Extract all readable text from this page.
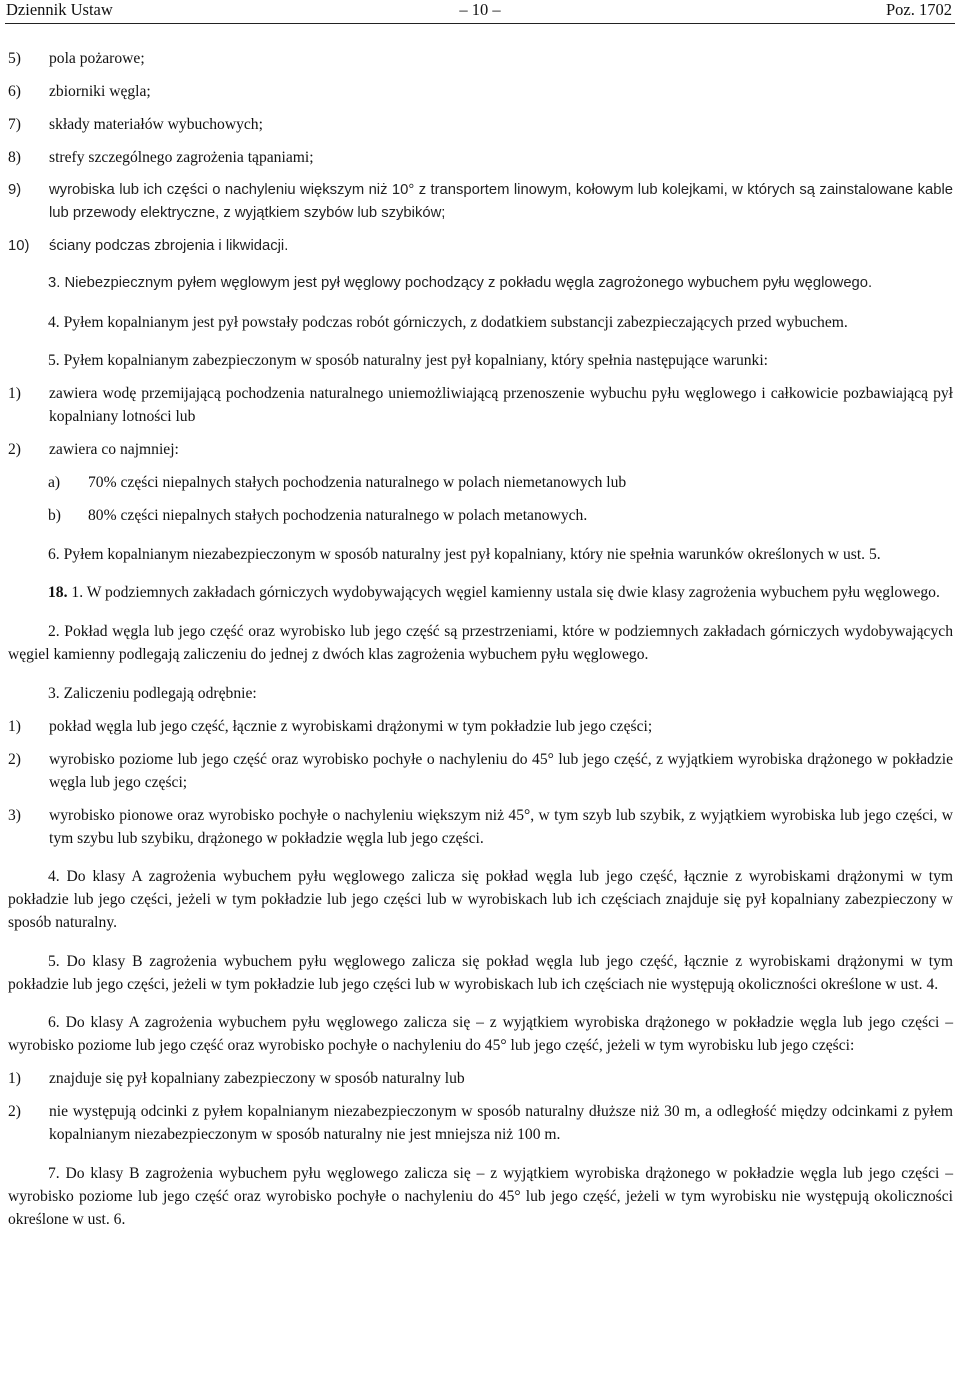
Dziennik Ustaw	– 10 –	Poz. 1702
5) pola pożarowe;
6) zbiorniki węgla;
7) składy materiałów wybuchowych;
8) strefy szczególnego zagrożenia tąpaniami;
9) wyrobiska lub ich części o nachyleniu większym niż 10° z transportem linowym, kołowym lub kolejkami, w których są zainstalowane kable lub przewody elektryczne, z wyjątkiem szybów lub szybików;
10) ściany podczas zbrojenia i likwidacji.

3. Niebezpiecznym pyłem węglowym jest pył węglowy pochodzący z pokładu węgla zagrożonego wybuchem pyłu węglowego.

4. Pyłem kopalnianym jest pył powstały podczas robót górniczych, z dodatkiem substancji zabezpieczających przed wybuchem.

5. Pyłem kopalnianym zabezpieczonym w sposób naturalny jest pył kopalniany, który spełnia następujące warunki:

1) zawiera wodę przemijającą pochodzenia naturalnego uniemożliwiającą przenoszenie wybuchu pyłu węglowego i całkowicie pozbawiającą pył kopalniany lotności lub
2) zawiera co najmniej:
a) 70% części niepalnych stałych pochodzenia naturalnego w polach niemetanowych lub
b) 80% części niepalnych stałych pochodzenia naturalnego w polach metanowych.

6. Pyłem kopalnianym niezabezpieczonym w sposób naturalny jest pył kopalniany, który nie spełnia warunków określonych w ust. 5.

18. 1. W podziemnych zakładach górniczych wydobywających węgiel kamienny ustala się dwie klasy zagrożenia wybuchem pyłu węglowego.

2. Pokład węgla lub jego część oraz wyrobisko lub jego część są przestrzeniami, które w podziemnych zakładach górniczych wydobywających węgiel kamienny podlegają zaliczeniu do jednej z dwóch klas zagrożenia wybuchem pyłu węglowego.

3. Zaliczeniu podlegają odrębnie:

1) pokład węgla lub jego część, łącznie z wyrobiskami drążonymi w tym pokładzie lub jego części;
2) wyrobisko poziome lub jego część oraz wyrobisko pochyłe o nachyleniu do 45° lub jego część, z wyjątkiem wyrobiska drążonego w pokładzie węgla lub jego części;
3) wyrobisko pionowe oraz wyrobisko pochyłe o nachyleniu większym niż 45°, w tym szyb lub szybik, z wyjątkiem wyrobiska lub jego części, w tym szybu lub szybiku, drążonego w pokładzie węgla lub jego części.

4. Do klasy A zagrożenia wybuchem pyłu węglowego zalicza się pokład węgla lub jego część, łącznie z wyrobiskami drążonymi w tym pokładzie lub jego części, jeżeli w tym pokładzie lub jego części lub w wyrobiskach lub ich częściach znajduje się pył kopalniany zabezpieczony w sposób naturalny.

5. Do klasy B zagrożenia wybuchem pyłu węglowego zalicza się pokład węgla lub jego część, łącznie z wyrobiskami drążonymi w tym pokładzie lub jego części, jeżeli w tym pokładzie lub jego części lub w wyrobiskach lub ich częściach nie występują okoliczności określone w ust. 4.

6. Do klasy A zagrożenia wybuchem pyłu węglowego zalicza się – z wyjątkiem wyrobiska drążonego w pokładzie węgla lub jego części – wyrobisko poziome lub jego część oraz wyrobisko pochyłe o nachyleniu do 45° lub jego część, jeżeli w tym wyrobisku lub jego części:

1) znajduje się pył kopalniany zabezpieczony w sposób naturalny lub
2) nie występują odcinki z pyłem kopalnianym niezabezpieczonym w sposób naturalny dłuższe niż 30 m, a odległość między odcinkami z pyłem kopalnianym niezabezpieczonym w sposób naturalny nie jest mniejsza niż 100 m.

7. Do klasy B zagrożenia wybuchem pyłu węglowego zalicza się – z wyjątkiem wyrobiska drążonego w pokładzie węgla lub jego części – wyrobisko poziome lub jego część oraz wyrobisko pochyłe o nachyleniu do 45° lub jego część, jeżeli w tym wyrobisku nie występują okoliczności określone w ust. 6.
